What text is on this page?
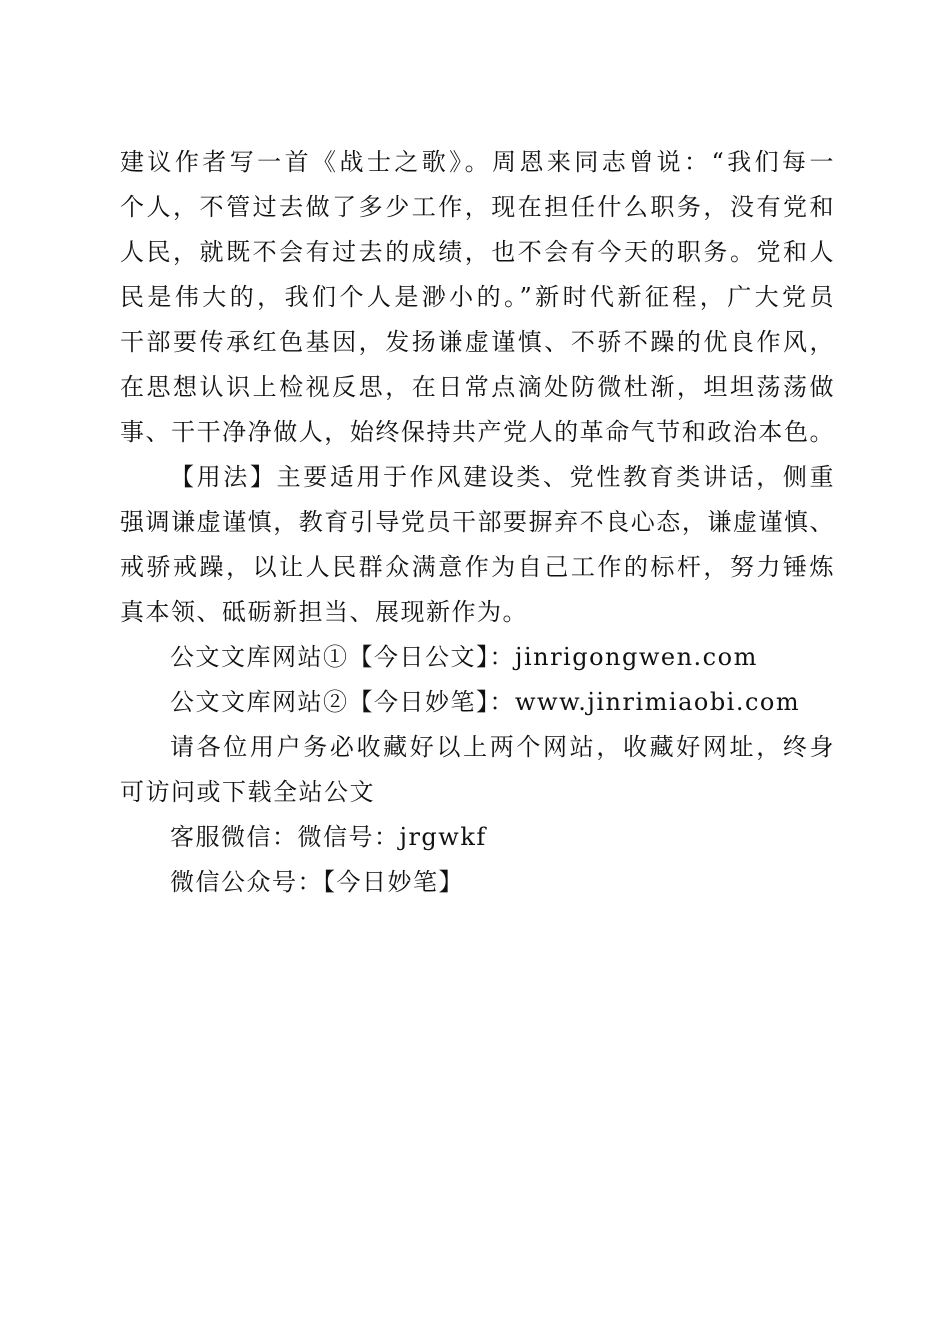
建议作者写一首《战士之歌》。周恩来同志曾说：“我们每一
个人，不管过去做了多少工作，现在担任什么职务，没有党和
人民，就既不会有过去的成绩，也不会有今天的职务。党和人
民是伟大的，我们个人是渺小的。”新时代新征程，广大党员
干部要传承红色基因，发扬谦虚谨慎、不骄不躁的优良作风，
在思想认识上检视反思，在日常点滴处防微杜渐，坦坦荡荡做
事、干干净净做人，始终保持共产党人的革命气节和政治本色。
【用法】主要适用于作风建设类、党性教育类讲话，侧重
强调谦虚谨慎，教育引导党员干部要摒弃不良心态，谦虚谨慎、
戒骄戒躁，以让人民群众满意作为自己工作的标杆，努力锤炼
真本领、砥砺新担当、展现新作为。
公文文库网站①【今日公文】：jinrigongwen.com
公文文库网站②【今日妙笔】：www.jinrimiaobi.com
请各位用户务必收藏好以上两个网站，收藏好网址，终身
可访问或下载全站公文
客服微信：微信号：jrgwkf
微信公众号：【今日妙笔】
